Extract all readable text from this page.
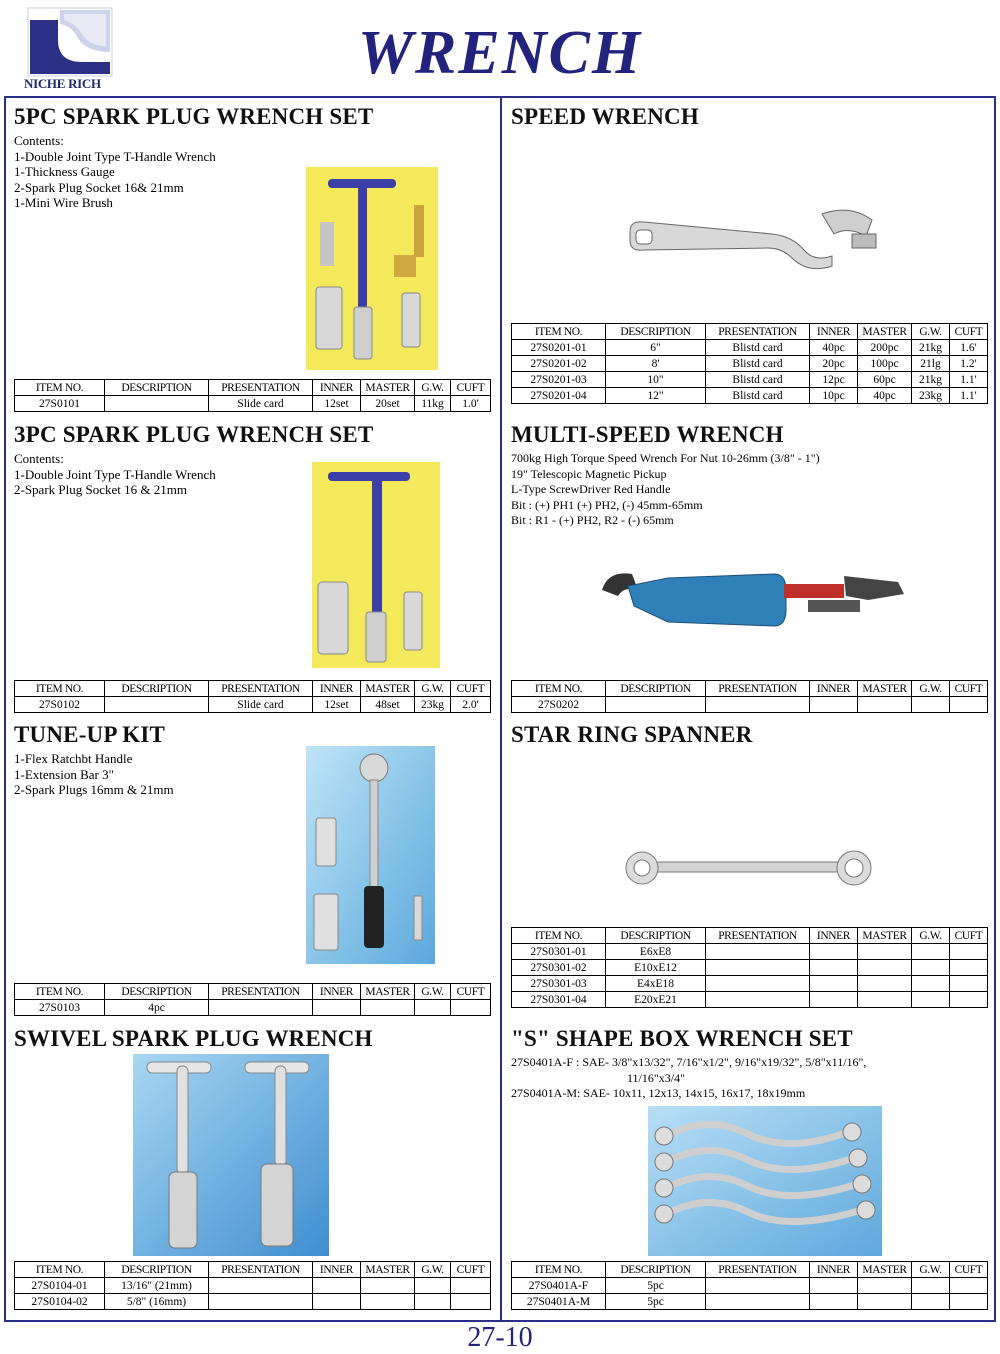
NICHE RICH	WRENCH
5PC SPARK PLUG WRENCH SET
Contents:
1-Double Joint Type T-Handle Wrench
1-Thickness Gauge
2-Spark Plug Socket 16& 21mm
1-Mini Wire Brush
ITEM NO.	DESCRIPTION	PRESENTATION	INNER	MASTER	G.W.	CUFT
27S0101		Slide card	12set	20set	11kg	1.0'
3PC SPARK PLUG WRENCH SET
Contents:
1-Double Joint Type T-Handle Wrench
2-Spark Plug Socket 16 & 21mm
ITEM NO.	DESCRIPTION	PRESENTATION	INNER	MASTER	G.W.	CUFT
27S0102		Slide card	12set	48set	23kg	2.0'
TUNE-UP KIT
1-Flex Ratchbt Handle
1-Extension Bar 3"
2-Spark Plugs 16mm & 21mm
ITEM NO.	DESCRIPTION	PRESENTATION	INNER	MASTER	G.W.	CUFT
27S0103	4pc					
SWIVEL SPARK PLUG WRENCH
ITEM NO.	DESCRIPTION	PRESENTATION	INNER	MASTER	G.W.	CUFT
27S0104-01	13/16" (21mm)					
27S0104-02	5/8" (16mm)					
SPEED WRENCH
ITEM NO.	DESCRIPTION	PRESENTATION	INNER	MASTER	G.W.	CUFT
27S0201-01	6"	Blistd card	40pc	200pc	21kg	1.6'
27S0201-02	8'	Blistd card	20pc	100pc	21lg	1.2'
27S0201-03	10"	Blistd card	12pc	60pc	21kg	1.1'
27S0201-04	12"	Blistd card	10pc	40pc	23kg	1.1'
MULTI-SPEED WRENCH
700kg High Torque Speed Wrench For Nut 10-26mm (3/8" - 1")
19" Telescopic Magnetic Pickup
L-Type ScrewDriver Red Handle
Bit : (+) PH1 (+) PH2, (-) 45mm-65mm
Bit : R1 - (+) PH2, R2 - (-) 65mm
ITEM NO.	DESCRIPTION	PRESENTATION	INNER	MASTER	G.W.	CUFT
27S0202						
STAR RING SPANNER
ITEM NO.	DESCRIPTION	PRESENTATION	INNER	MASTER	G.W.	CUFT
27S0301-01	E6xE8					
27S0301-02	E10xE12					
27S0301-03	E4xE18					
27S0301-04	E20xE21					
"S" SHAPE BOX WRENCH SET
27S0401A-F : SAE- 3/8"x13/32", 7/16"x1/2", 9/16"x19/32", 5/8"x11/16",
11/16"x3/4"
27S0401A-M: SAE- 10x11, 12x13, 14x15, 16x17, 18x19mm
ITEM NO.	DESCRIPTION	PRESENTATION	INNER	MASTER	G.W.	CUFT
27S0401A-F	5pc					
27S0401A-M	5pc					
27-10
